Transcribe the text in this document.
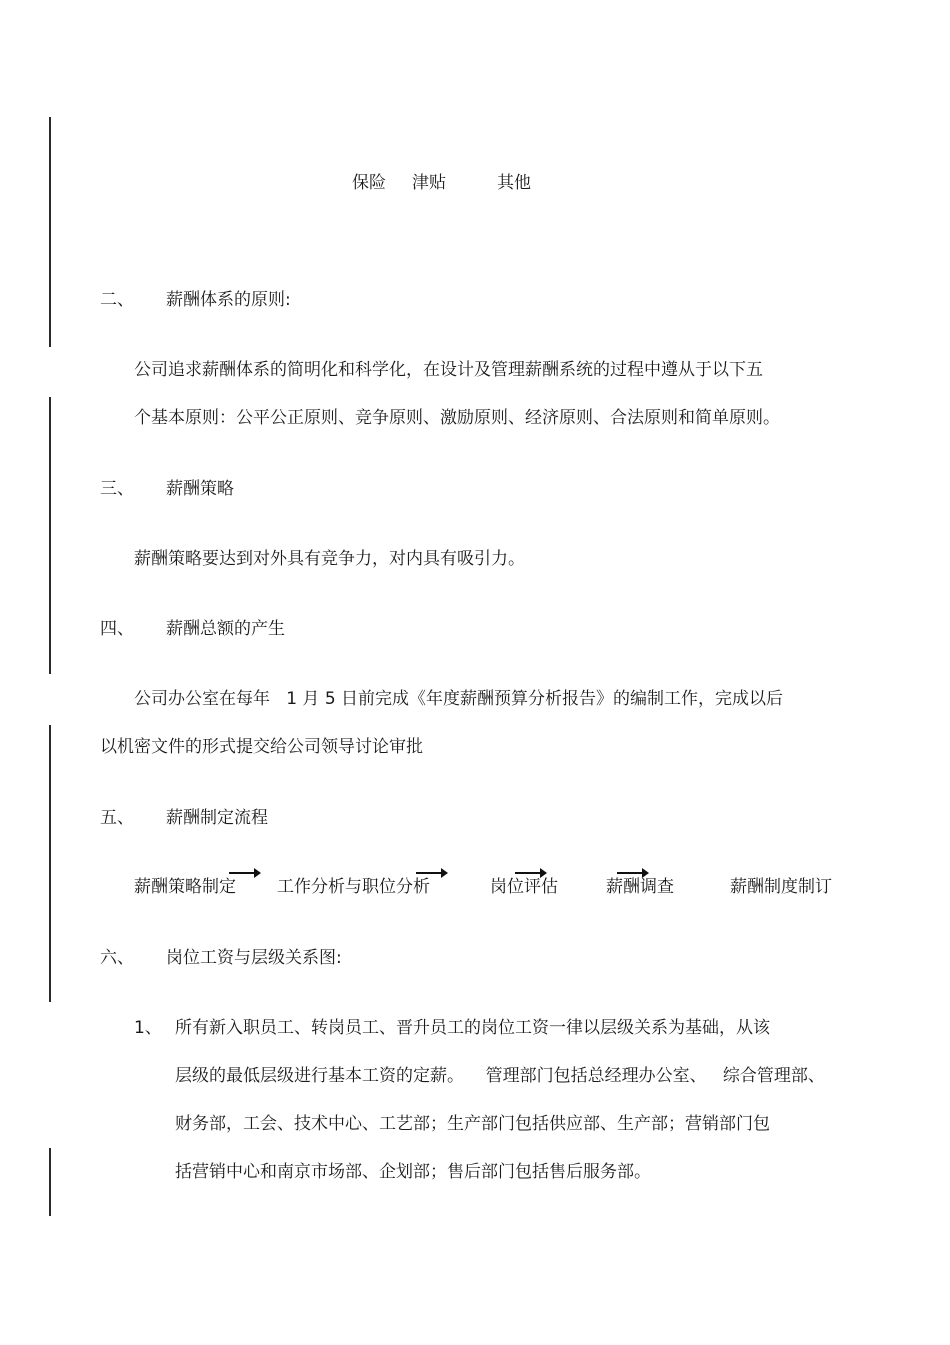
保险 津贴	其他
二、 薪酬体系的原则:
公司追求薪酬体系的简明化和科学化，在设计及管理薪酬系统的过程中遵从于以下五
个基本原则：公平公正原则、竞争原则、激励原则、经济原则、合法原则和简单原则。
三、 薪酬策略
薪酬策略要达到对外具有竞争力，对内具有吸引力。
四、 薪酬总额的产生
公司办公室在每年   1 月 5 日前完成《年度薪酬预算分析报告》的编制工作，完成以后
以机密文件的形式提交给公司领导讨论审批
五、 薪酬制定流程
薪酬策略制定 工作分析与职位分析	岗位评估	薪酬调查	薪酬制度制订
六、 岗位工资与层级关系图:
1、 所有新入职员工、转岗员工、晋升员工的岗位工资一律以层级关系为基础，从该
层级的最低层级进行基本工资的定薪。    管理部门包括总经理办公室、   综合管理部、
财务部，工会、技术中心、工艺部；生产部门包括供应部、生产部；营销部门包
括营销中心和南京市场部、企划部；售后部门包括售后服务部。
